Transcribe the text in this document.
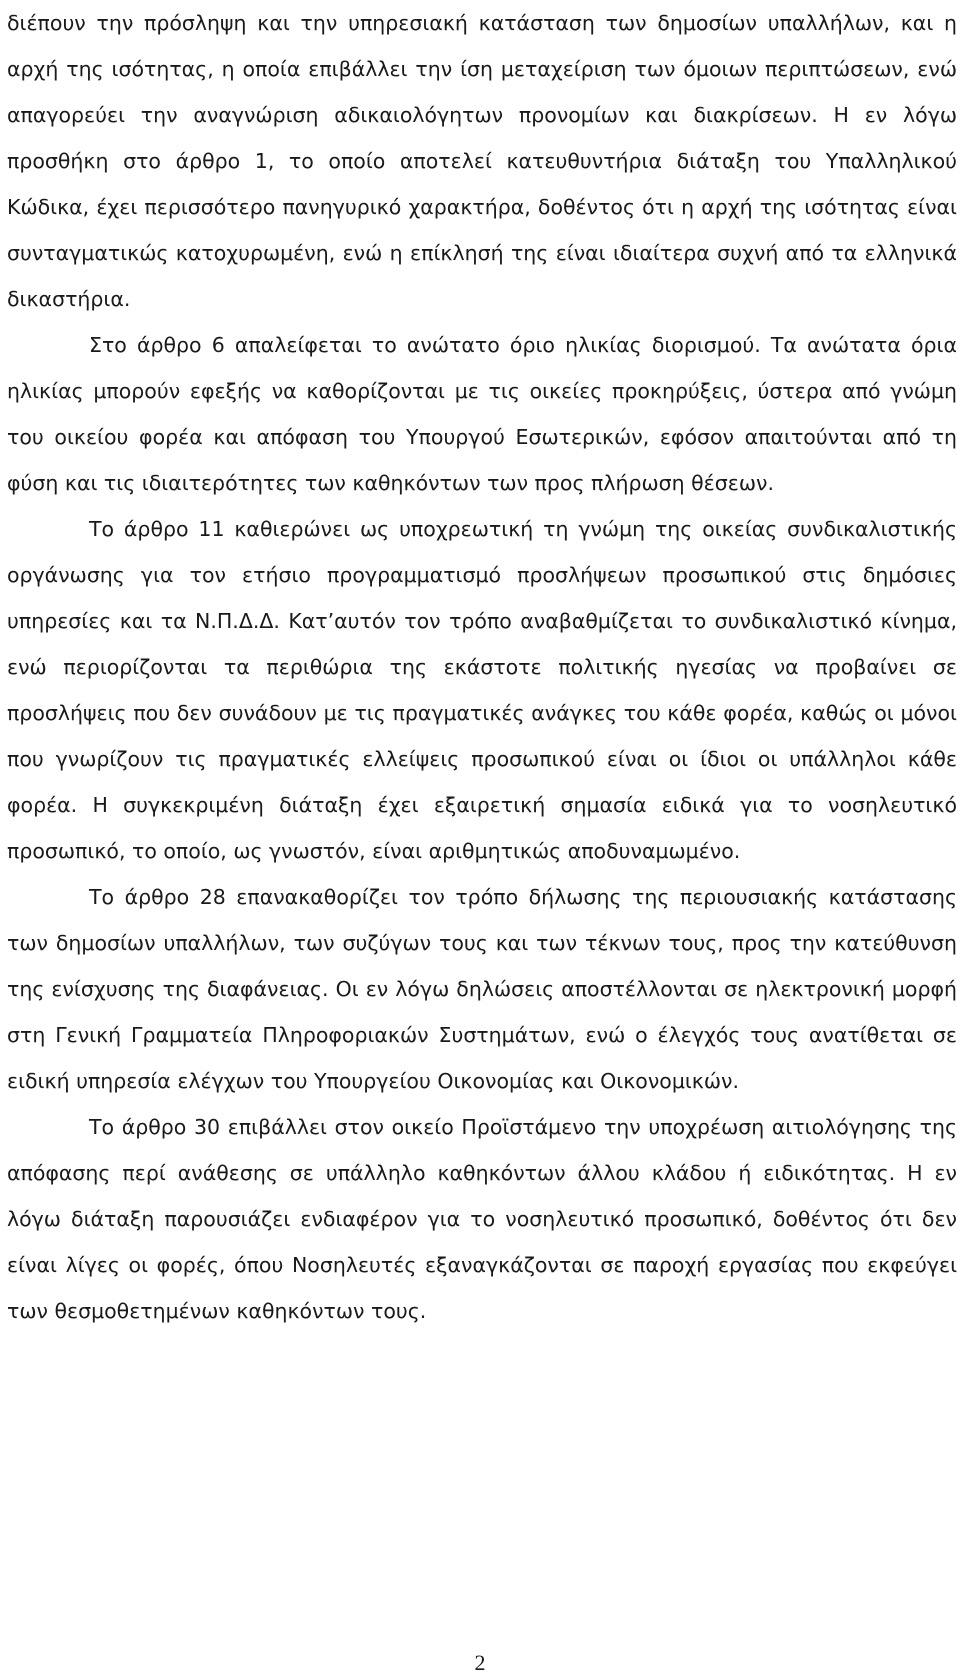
διέπουν την πρόσληψη και την υπηρεσιακή κατάσταση των δημοσίων υπαλλήλων, και η αρχή της ισότητας, η οποία επιβάλλει την ίση μεταχείριση των όμοιων περιπτώσεων, ενώ απαγορεύει την αναγνώριση αδικαιολόγητων προνομίων και διακρίσεων. Η εν λόγω προσθήκη στο άρθρο 1, το οποίο αποτελεί κατευθυντήρια διάταξη του Υπαλληλικού Κώδικα, έχει περισσότερο πανηγυρικό χαρακτήρα, δοθέντος ότι η αρχή της ισότητας είναι συνταγματικώς κατοχυρωμένη, ενώ η επίκλησή της είναι ιδιαίτερα συχνή από τα ελληνικά δικαστήρια.

Στο άρθρο 6 απαλείφεται το ανώτατο όριο ηλικίας διορισμού. Τα ανώτατα όρια ηλικίας μπορούν εφεξής να καθορίζονται με τις οικείες προκηρύξεις, ύστερα από γνώμη του οικείου φορέα και απόφαση του Υπουργού Εσωτερικών, εφόσον απαιτούνται από τη φύση και τις ιδιαιτερότητες των καθηκόντων των προς πλήρωση θέσεων.

Το άρθρο 11 καθιερώνει ως υποχρεωτική τη γνώμη της οικείας συνδικαλιστικής οργάνωσης για τον ετήσιο προγραμματισμό προσλήψεων προσωπικού στις δημόσιες υπηρεσίες και τα Ν.Π.Δ.Δ. Κατ’αυτόν τον τρόπο αναβαθμίζεται το συνδικαλιστικό κίνημα, ενώ περιορίζονται τα περιθώρια της εκάστοτε πολιτικής ηγεσίας να προβαίνει σε προσλήψεις που δεν συνάδουν με τις πραγματικές ανάγκες του κάθε φορέα, καθώς οι μόνοι που γνωρίζουν τις πραγματικές ελλείψεις προσωπικού είναι οι ίδιοι οι υπάλληλοι κάθε φορέα. Η συγκεκριμένη διάταξη έχει εξαιρετική σημασία ειδικά για το νοσηλευτικό προσωπικό, το οποίο, ως γνωστόν, είναι αριθμητικώς αποδυναμωμένο.

Το άρθρο 28 επανακαθορίζει τον τρόπο δήλωσης της περιουσιακής κατάστασης των δημοσίων υπαλλήλων, των συζύγων τους και των τέκνων τους, προς την κατεύθυνση της ενίσχυσης της διαφάνειας. Οι εν λόγω δηλώσεις αποστέλλονται σε ηλεκτρονική μορφή στη Γενική Γραμματεία Πληροφοριακών Συστημάτων, ενώ ο έλεγχός τους ανατίθεται σε ειδική υπηρεσία ελέγχων του Υπουργείου Οικονομίας και Οικονομικών.

Το άρθρο 30 επιβάλλει στον οικείο Προϊστάμενο την υποχρέωση αιτιολόγησης της απόφασης περί ανάθεσης σε υπάλληλο καθηκόντων άλλου κλάδου ή ειδικότητας. Η εν λόγω διάταξη παρουσιάζει ενδιαφέρον για το νοσηλευτικό προσωπικό, δοθέντος ότι δεν είναι λίγες οι φορές, όπου Νοσηλευτές εξαναγκάζονται σε παροχή εργασίας που εκφεύγει των θεσμοθετημένων καθηκόντων τους.

2
